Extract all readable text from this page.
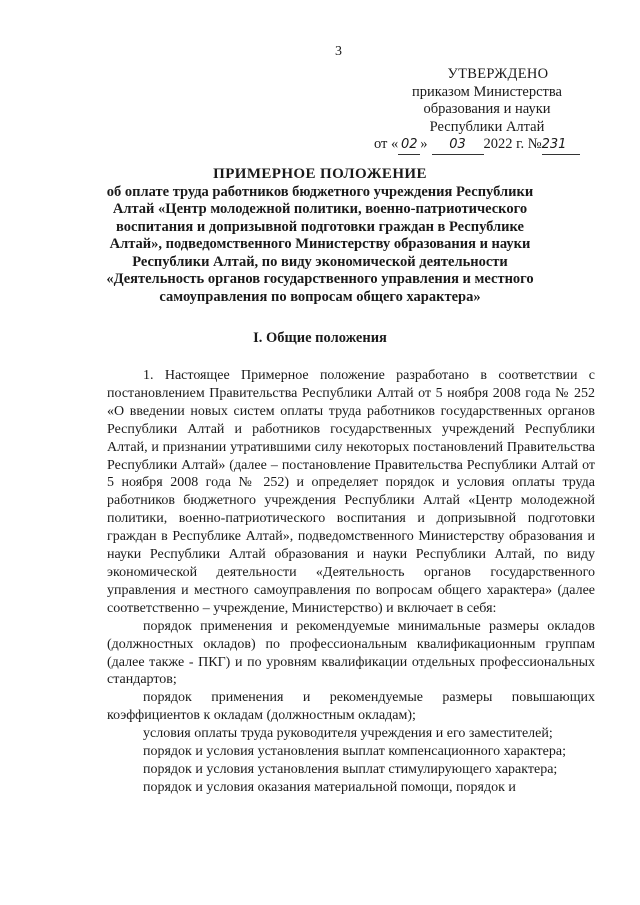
3
УТВЕРЖДЕНО
приказом Министерства
образования и науки
Республики Алтай
от « 02 » 03 2022 г. №231
ПРИМЕРНОЕ ПОЛОЖЕНИЕ
об оплате труда работников бюджетного учреждения Республики Алтай «Центр молодежной политики, военно-патриотического воспитания и допризывной подготовки граждан в Республике Алтай», подведомственного Министерству образования и науки Республики Алтай, по виду экономической деятельности «Деятельность органов государственного управления и местного самоуправления по вопросам общего характера»
I. Общие положения

1. Настоящее Примерное положение разработано в соответствии с постановлением Правительства Республики Алтай от 5 ноября 2008 года № 252 «О введении новых систем оплаты труда работников государственных органов Республики Алтай и работников государственных учреждений Республики Алтай, и признании утратившими силу некоторых постановлений Правительства Республики Алтай» (далее – постановление Правительства Республики Алтай от 5 ноября 2008 года № 252) и определяет порядок и условия оплаты труда работников бюджетного учреждения Республики Алтай «Центр молодежной политики, военно-патриотического воспитания и допризывной подготовки граждан в Республике Алтай», подведомственного Министерству образования и науки Республики Алтай образования и науки Республики Алтай, по виду экономической деятельности «Деятельность органов государственного управления и местного самоуправления по вопросам общего характера» (далее соответственно – учреждение, Министерство) и включает в себя:

порядок применения и рекомендуемые минимальные размеры окладов (должностных окладов) по профессиональным квалификационным группам (далее также - ПКГ) и по уровням квалификации отдельных профессиональных стандартов;

порядок применения и рекомендуемые размеры повышающих коэффициентов к окладам (должностным окладам);

условия оплаты труда руководителя учреждения и его заместителей;

порядок и условия установления выплат компенсационного характера;

порядок и условия установления выплат стимулирующего характера;

порядок и условия оказания материальной помощи, порядок и
